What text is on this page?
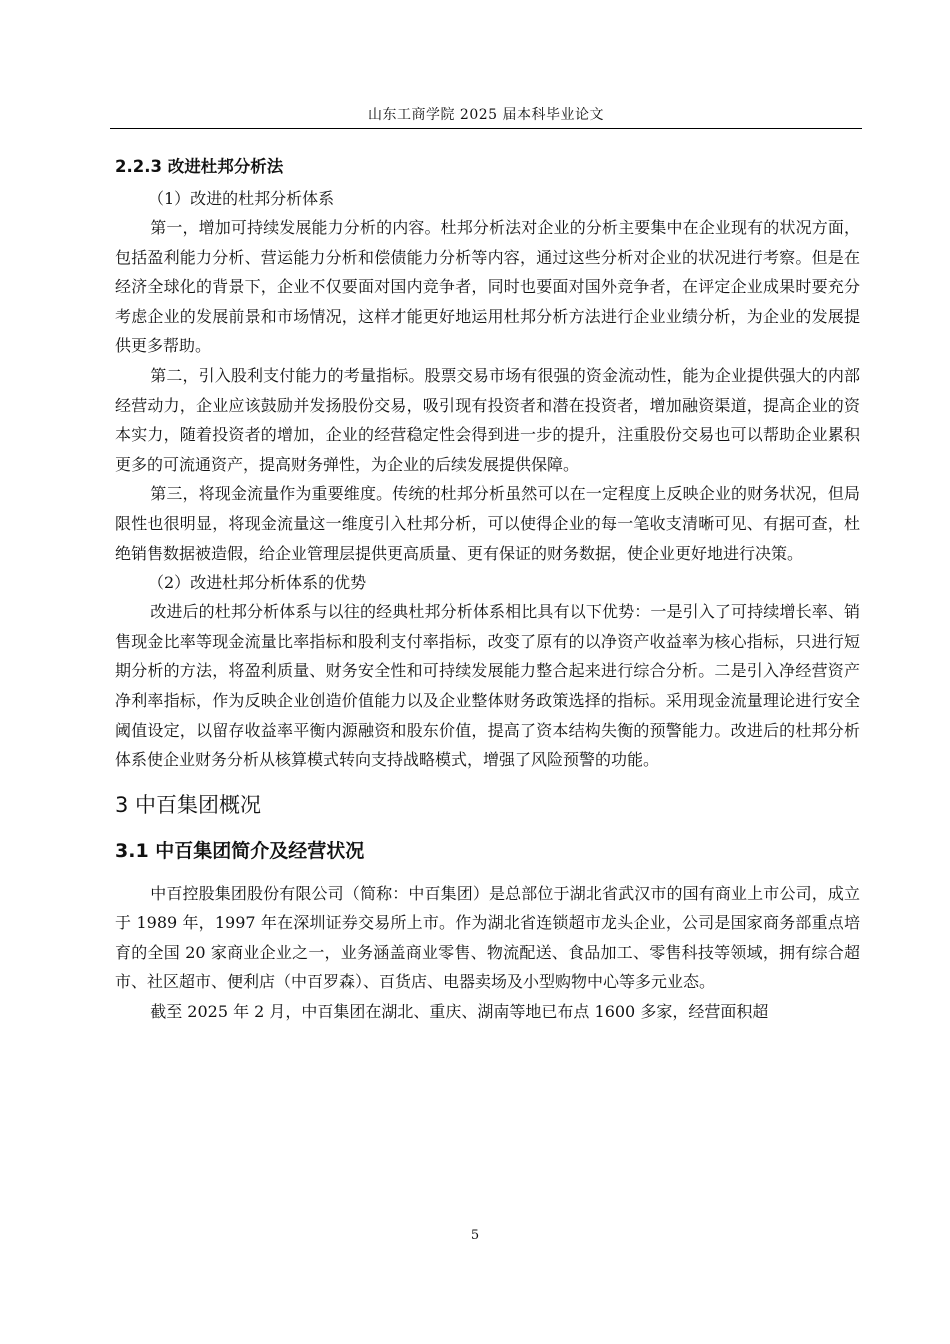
山东工商学院 2025 届本科毕业论文
2.2.3 改进杜邦分析法
（1）改进的杜邦分析体系

第一，增加可持续发展能力分析的内容。杜邦分析法对企业的分析主要集中在企业现有的状况方面，包括盈利能力分析、营运能力分析和偿债能力分析等内容，通过这些分析对企业的状况进行考察。但是在经济全球化的背景下，企业不仅要面对国内竞争者，同时也要面对国外竞争者，在评定企业成果时要充分考虑企业的发展前景和市场情况，这样才能更好地运用杜邦分析方法进行企业业绩分析，为企业的发展提供更多帮助。

第二，引入股利支付能力的考量指标。股票交易市场有很强的资金流动性，能为企业提供强大的内部经营动力，企业应该鼓励并发扬股份交易，吸引现有投资者和潜在投资者，增加融资渠道，提高企业的资本实力，随着投资者的增加，企业的经营稳定性会得到进一步的提升，注重股份交易也可以帮助企业累积更多的可流通资产，提高财务弹性，为企业的后续发展提供保障。

第三，将现金流量作为重要维度。传统的杜邦分析虽然可以在一定程度上反映企业的财务状况，但局限性也很明显，将现金流量这一维度引入杜邦分析，可以使得企业的每一笔收支清晰可见、有据可查，杜绝销售数据被造假，给企业管理层提供更高质量、更有保证的财务数据，使企业更好地进行决策。

（2）改进杜邦分析体系的优势

改进后的杜邦分析体系与以往的经典杜邦分析体系相比具有以下优势：一是引入了可持续增长率、销售现金比率等现金流量比率指标和股利支付率指标，改变了原有的以净资产收益率为核心指标，只进行短期分析的方法，将盈利质量、财务安全性和可持续发展能力整合起来进行综合分析。二是引入净经营资产净利率指标，作为反映企业创造价值能力以及企业整体财务政策选择的指标。采用现金流量理论进行安全阈值设定，以留存收益率平衡内源融资和股东价值，提高了资本结构失衡的预警能力。改进后的杜邦分析体系使企业财务分析从核算模式转向支持战略模式，增强了风险预警的功能。

3 中百集团概况
3.1 中百集团简介及经营状况

中百控股集团股份有限公司（简称：中百集团）是总部位于湖北省武汉市的国有商业上市公司，成立于 1989 年，1997 年在深圳证券交易所上市。作为湖北省连锁超市龙头企业，公司是国家商务部重点培育的全国 20 家商业企业之一，业务涵盖商业零售、物流配送、食品加工、零售科技等领域，拥有综合超市、社区超市、便利店（中百罗森）、百货店、电器卖场及小型购物中心等多元业态。

截至 2025 年 2 月，中百集团在湖北、重庆、湖南等地已布点 1600 多家，经营面积超

5
